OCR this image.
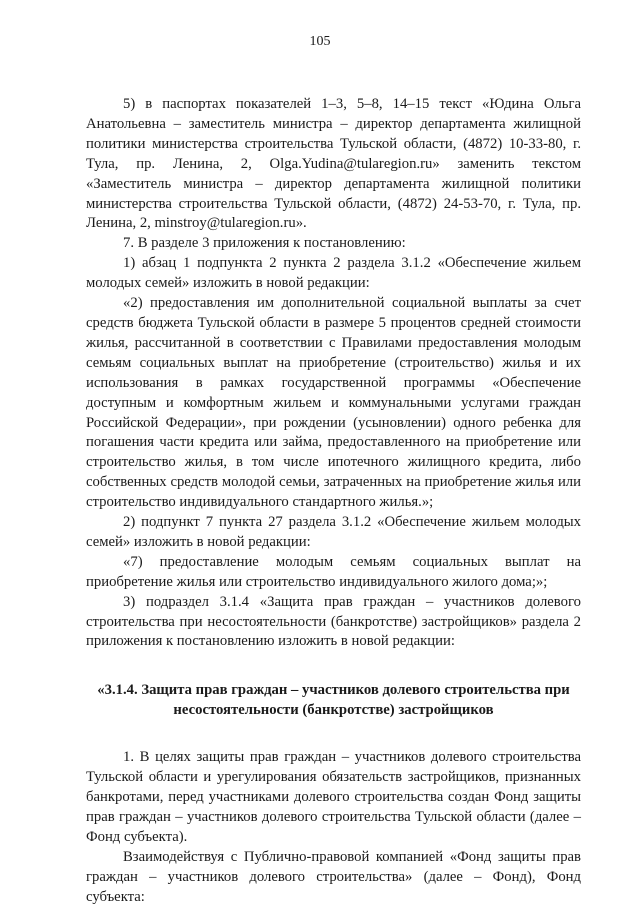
105

5) в паспортах показателей 1–3, 5–8, 14–15 текст «Юдина Ольга Анатольевна – заместитель министра – директор департамента жилищной политики министерства строительства Тульской области, (4872) 10-33-80, г. Тула, пр. Ленина, 2, Olga.Yudina@tularegion.ru» заменить текстом «Заместитель министра – директор департамента жилищной политики министерства строительства Тульской области, (4872) 24-53-70, г. Тула, пр. Ленина, 2, minstroy@tularegion.ru».

7. В разделе 3 приложения к постановлению:

1) абзац 1 подпункта 2 пункта 2 раздела 3.1.2 «Обеспечение жильем молодых семей» изложить в новой редакции:

«2) предоставления им дополнительной социальной выплаты за счет средств бюджета Тульской области в размере 5 процентов средней стоимости жилья, рассчитанной в соответствии с Правилами предоставления молодым семьям социальных выплат на приобретение (строительство) жилья и их использования в рамках государственной программы «Обеспечение доступным и комфортным жильем и коммунальными услугами граждан Российской Федерации», при рождении (усыновлении) одного ребенка для погашения части кредита или займа, предоставленного на приобретение или строительство жилья, в том числе ипотечного жилищного кредита, либо собственных средств молодой семьи, затраченных на приобретение жилья или строительство индивидуального стандартного жилья.»;

2) подпункт 7 пункта 27 раздела 3.1.2 «Обеспечение жильем молодых семей» изложить в новой редакции:

«7) предоставление молодым семьям социальных выплат на приобретение жилья или строительство индивидуального жилого дома;»;

3) подраздел 3.1.4 «Защита прав граждан – участников долевого строительства при несостоятельности (банкротстве) застройщиков» раздела 2 приложения к постановлению изложить в новой редакции:

«3.1.4. Защита прав граждан – участников долевого строительства при несостоятельности (банкротстве) застройщиков

1. В целях защиты прав граждан – участников долевого строительства Тульской области и урегулирования обязательств застройщиков, признанных банкротами, перед участниками долевого строительства создан Фонд защиты прав граждан – участников долевого строительства Тульской области (далее – Фонд субъекта).

Взаимодействуя с Публично-правовой компанией «Фонд защиты прав граждан – участников долевого строительства» (далее – Фонд), Фонд субъекта:
